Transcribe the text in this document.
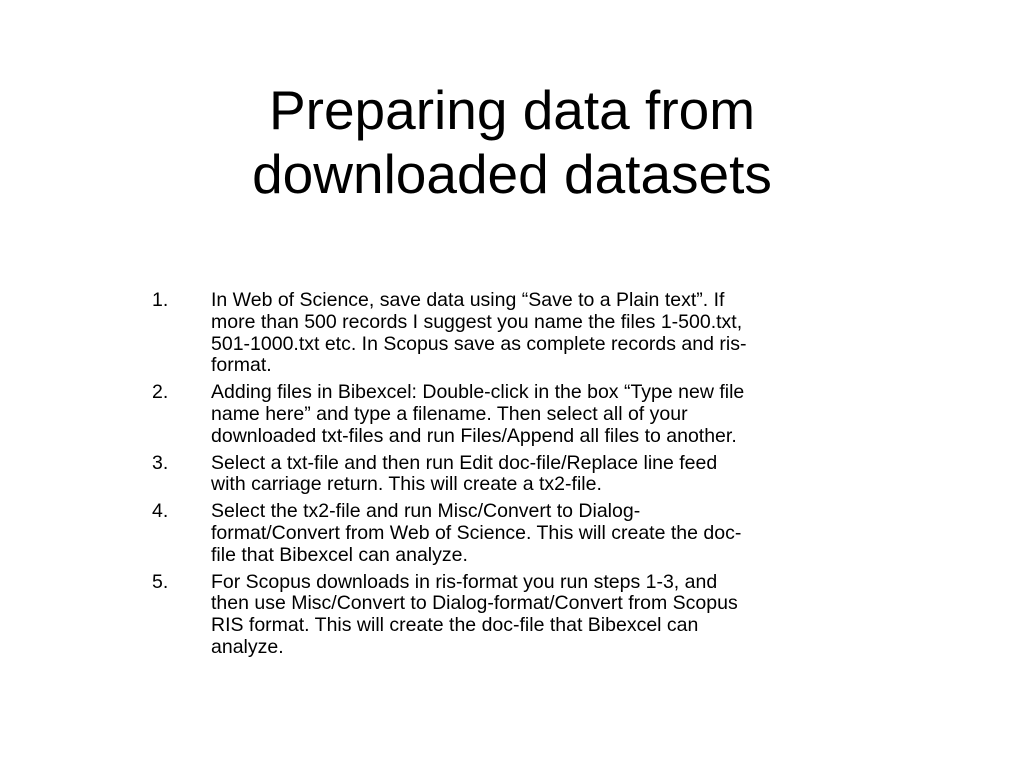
Preparing data from
downloaded datasets
1.	In Web of Science, save data using “Save to a Plain text”. If
more than 500 records I suggest you name the files 1-500.txt,
501-1000.txt etc. In Scopus save as complete records and ris-
format.
2.	Adding files in Bibexcel: Double-click in the box “Type new file
name here” and type a filename. Then select all of your
downloaded txt-files and run Files/Append all files to another.
3.	Select a txt-file and then run Edit doc-file/Replace line feed
with carriage return. This will create a tx2-file.
4.	Select the tx2-file and run Misc/Convert to Dialog-
format/Convert from Web of Science. This will create the doc-
file that Bibexcel can analyze.
5.	For Scopus downloads in ris-format you run steps 1-3, and
then use Misc/Convert to Dialog-format/Convert from Scopus
RIS format. This will create the doc-file that Bibexcel can
analyze.
